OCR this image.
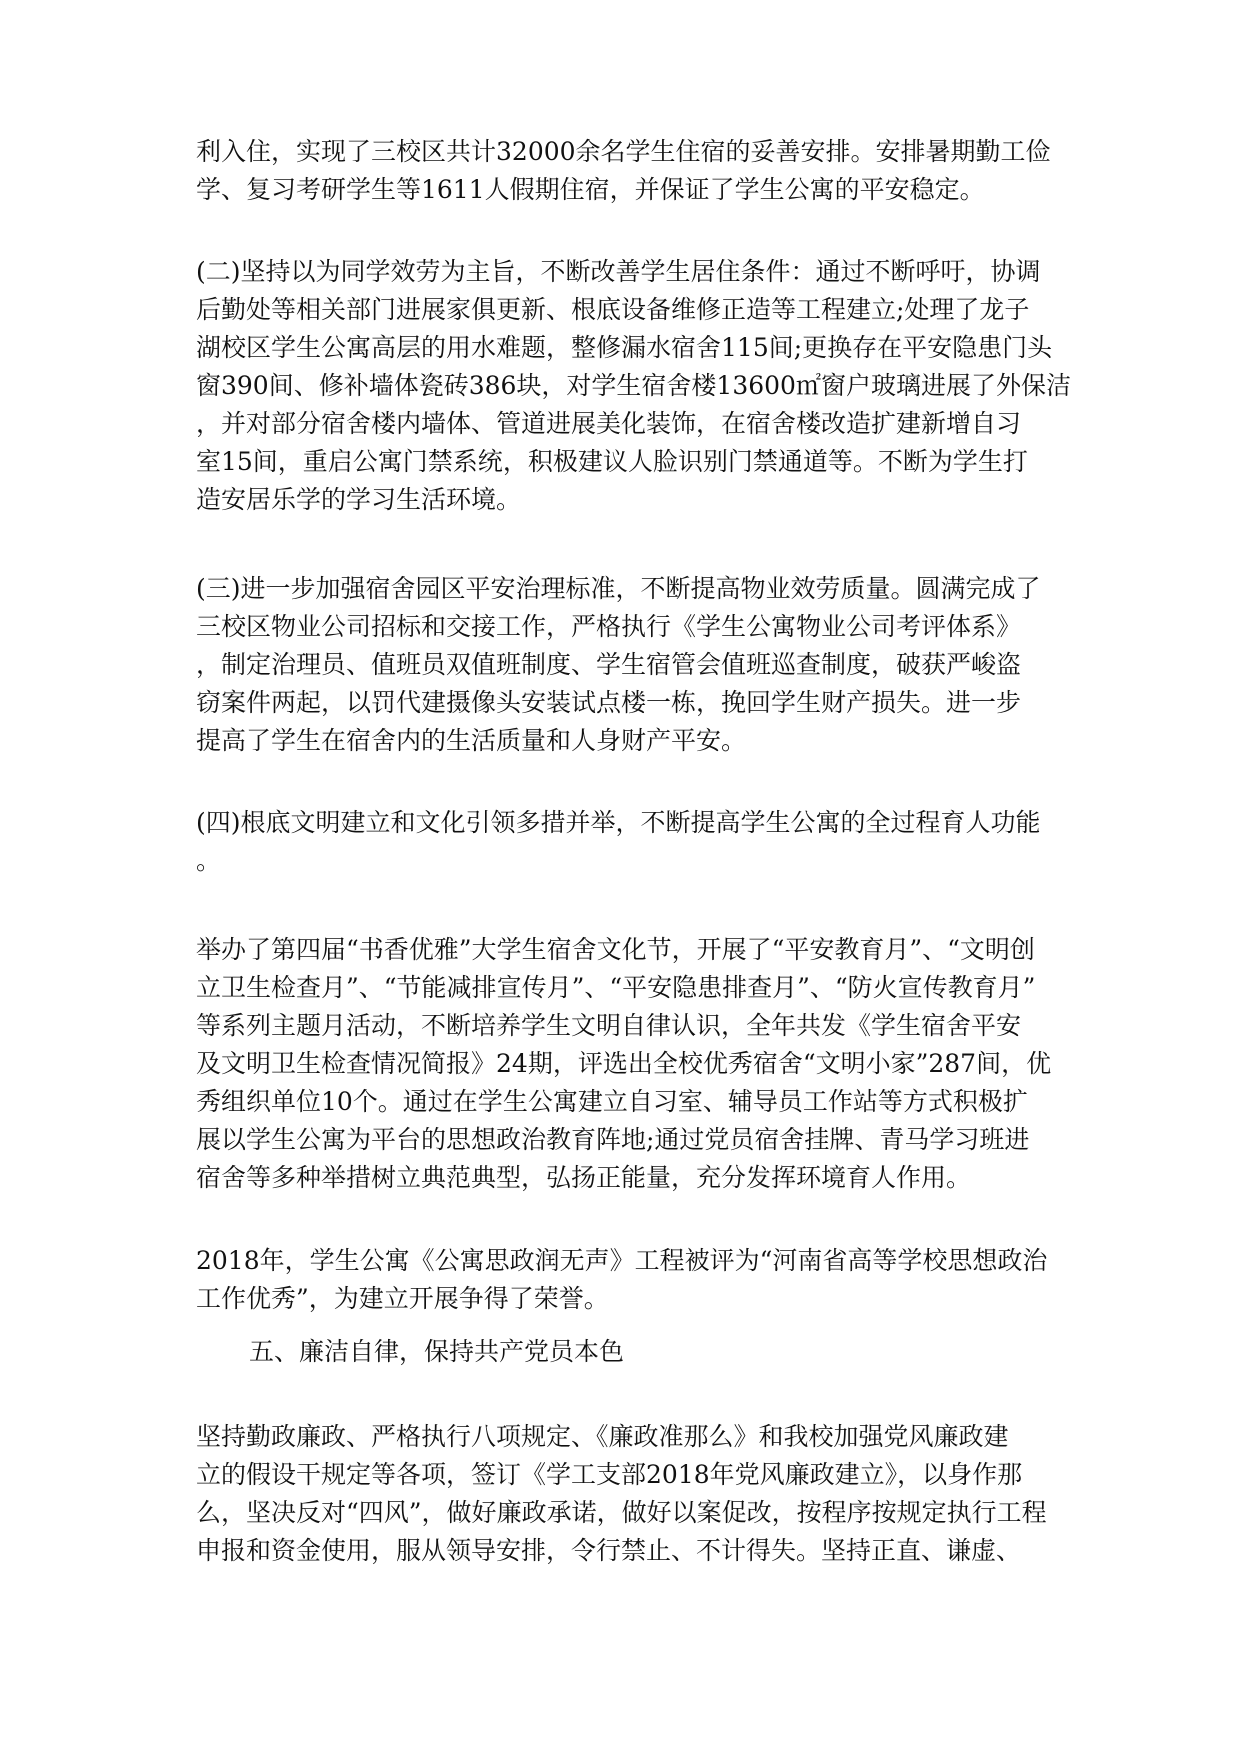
利入住，实现了三校区共计32000余名学生住宿的妥善安排。安排暑期勤工俭
学、复习考研学生等1611人假期住宿，并保证了学生公寓的平安稳定。
(二)坚持以为同学效劳为主旨，不断改善学生居住条件：通过不断呼吁，协调
后勤处等相关部门进展家俱更新、根底设备维修正造等工程建立;处理了龙子
湖校区学生公寓高层的用水难题，整修漏水宿舍115间;更换存在平安隐患门头
窗390间、修补墙体瓷砖386块，对学生宿舍楼13600㎡窗户玻璃进展了外保洁
，并对部分宿舍楼内墙体、管道进展美化装饰，在宿舍楼改造扩建新增自习
室15间，重启公寓门禁系统，积极建议人脸识别门禁通道等。不断为学生打
造安居乐学的学习生活环境。
(三)进一步加强宿舍园区平安治理标准，不断提高物业效劳质量。圆满完成了
三校区物业公司招标和交接工作，严格执行《学生公寓物业公司考评体系》
，制定治理员、值班员双值班制度、学生宿管会值班巡查制度，破获严峻盗
窃案件两起，以罚代建摄像头安装试点楼一栋，挽回学生财产损失。进一步
提高了学生在宿舍内的生活质量和人身财产平安。
(四)根底文明建立和文化引领多措并举，不断提高学生公寓的全过程育人功能
。
举办了第四届“书香优雅”大学生宿舍文化节，开展了“平安教育月”、“文明创
立卫生检查月”、“节能减排宣传月”、“平安隐患排查月”、“防火宣传教育月”
等系列主题月活动，不断培养学生文明自律认识，全年共发《学生宿舍平安
及文明卫生检查情况简报》24期，评选出全校优秀宿舍“文明小家”287间，优
秀组织单位10个。通过在学生公寓建立自习室、辅导员工作站等方式积极扩
展以学生公寓为平台的思想政治教育阵地;通过党员宿舍挂牌、青马学习班进
宿舍等多种举措树立典范典型，弘扬正能量，充分发挥环境育人作用。
2018年，学生公寓《公寓思政润无声》工程被评为“河南省高等学校思想政治
工作优秀”，为建立开展争得了荣誉。
五、廉洁自律，保持共产党员本色
坚持勤政廉政、严格执行八项规定、《廉政准那么》和我校加强党风廉政建
立的假设干规定等各项，签订《学工支部2018年党风廉政建立》，以身作那
么，坚决反对“四风”，做好廉政承诺，做好以案促改，按程序按规定执行工程
申报和资金使用，服从领导安排，令行禁止、不计得失。坚持正直、谦虚、
